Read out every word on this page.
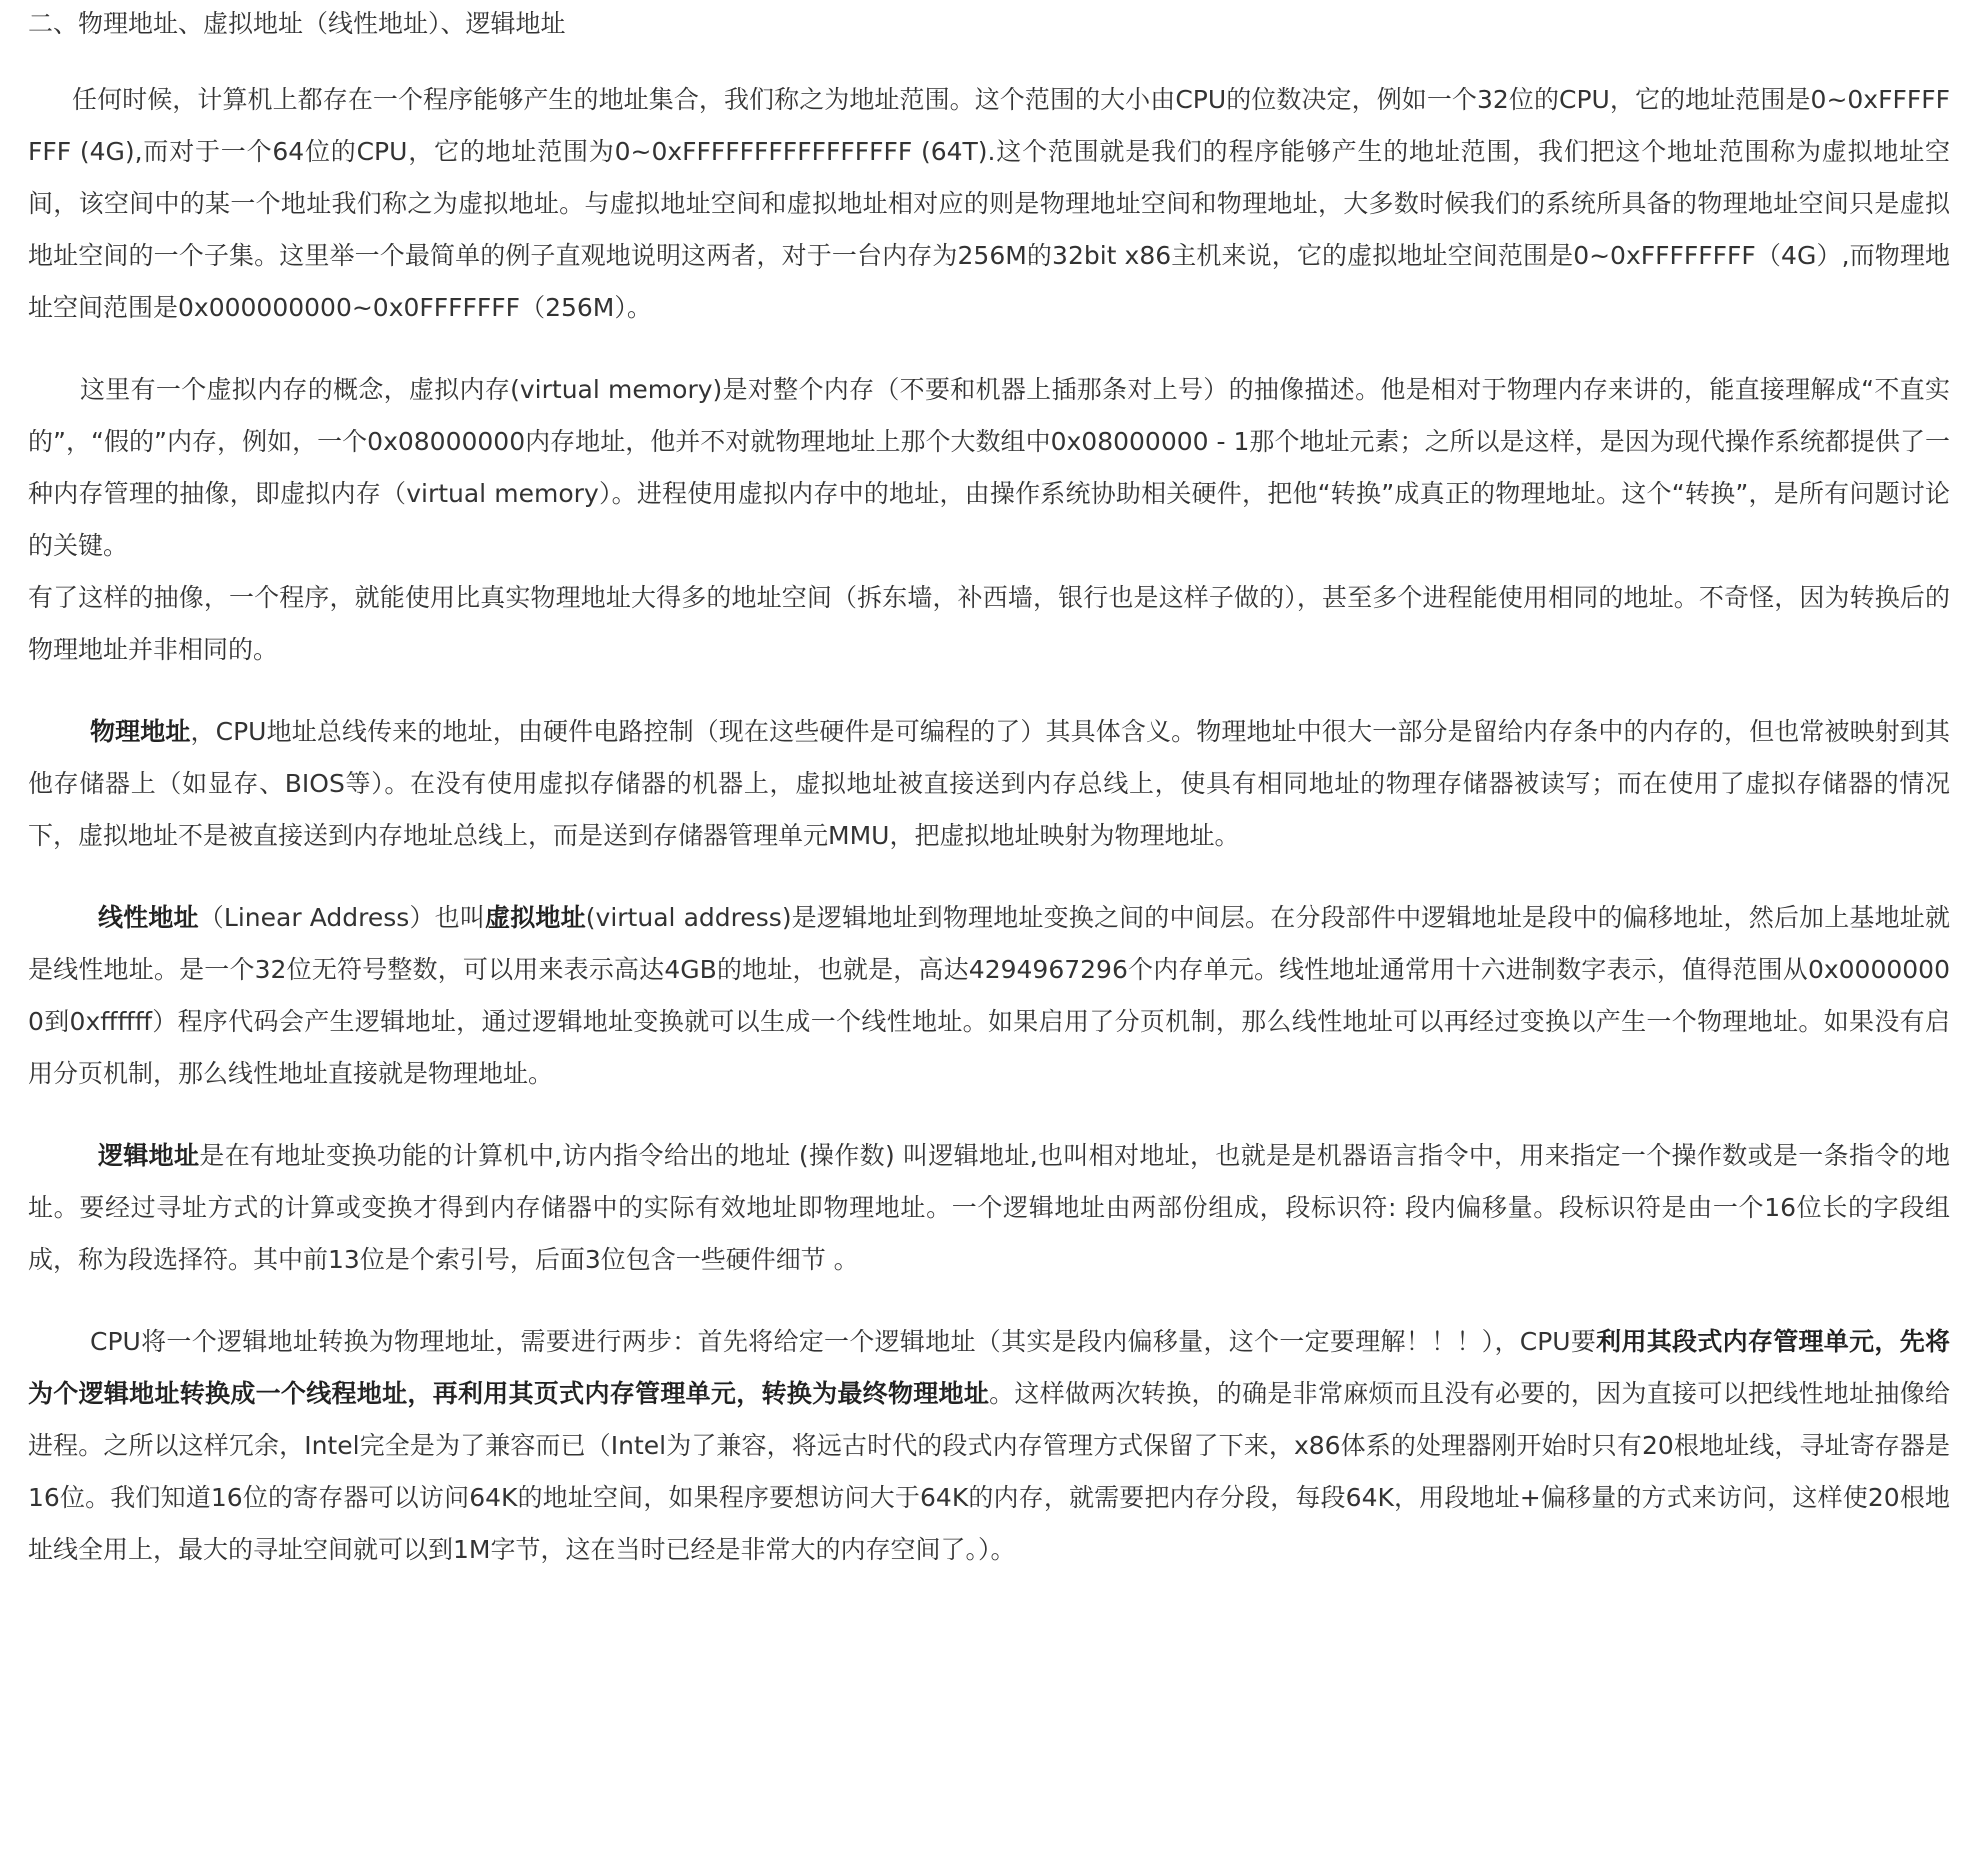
二、物理地址、虚拟地址（线性地址）、逻辑地址

任何时候，计算机上都存在一个程序能够产生的地址集合，我们称之为地址范围。这个范围的大小由CPU的位数决定，例如一个32位的CPU，它的地址范围是0~0xFFFFFFFF (4G),而对于一个64位的CPU，它的地址范围为0~0xFFFFFFFFFFFFFFFF (64T).这个范围就是我们的程序能够产生的地址范围，我们把这个地址范围称为虚拟地址空间，该空间中的某一个地址我们称之为虚拟地址。与虚拟地址空间和虚拟地址相对应的则是物理地址空间和物理地址，大多数时候我们的系统所具备的物理地址空间只是虚拟地址空间的一个子集。这里举一个最简单的例子直观地说明这两者，对于一台内存为256M的32bit x86主机来说，它的虚拟地址空间范围是0~0xFFFFFFFF（4G）,而物理地址空间范围是0x000000000~0x0FFFFFFF（256M）。

这里有一个虚拟内存的概念，虚拟内存(virtual memory)是对整个内存（不要和机器上插那条对上号）的抽像描述。他是相对于物理内存来讲的，能直接理解成“不直实的”，“假的”内存，例如，一个0x08000000内存地址，他并不对就物理地址上那个大数组中0x08000000 - 1那个地址元素；之所以是这样，是因为现代操作系统都提供了一种内存管理的抽像，即虚拟内存（virtual memory）。进程使用虚拟内存中的地址，由操作系统协助相关硬件，把他“转换”成真正的物理地址。这个“转换”，是所有问题讨论的关键。

有了这样的抽像，一个程序，就能使用比真实物理地址大得多的地址空间（拆东墙，补西墙，银行也是这样子做的），甚至多个进程能使用相同的地址。不奇怪，因为转换后的物理地址并非相同的。

物理地址，CPU地址总线传来的地址，由硬件电路控制（现在这些硬件是可编程的了）其具体含义。物理地址中很大一部分是留给内存条中的内存的，但也常被映射到其他存储器上（如显存、BIOS等）。在没有使用虚拟存储器的机器上，虚拟地址被直接送到内存总线上，使具有相同地址的物理存储器被读写；而在使用了虚拟存储器的情况下，虚拟地址不是被直接送到内存地址总线上，而是送到存储器管理单元MMU，把虚拟地址映射为物理地址。

线性地址（Linear Address）也叫虚拟地址(virtual address)是逻辑地址到物理地址变换之间的中间层。在分段部件中逻辑地址是段中的偏移地址，然后加上基地址就是线性地址。是一个32位无符号整数，可以用来表示高达4GB的地址，也就是，高达4294967296个内存单元。线性地址通常用十六进制数字表示，值得范围从0x00000000到0xffffff）程序代码会产生逻辑地址，通过逻辑地址变换就可以生成一个线性地址。如果启用了分页机制，那么线性地址可以再经过变换以产生一个物理地址。如果没有启用分页机制，那么线性地址直接就是物理地址。

逻辑地址是在有地址变换功能的计算机中,访内指令给出的地址 (操作数) 叫逻辑地址,也叫相对地址，也就是是机器语言指令中，用来指定一个操作数或是一条指令的地址。要经过寻址方式的计算或变换才得到内存储器中的实际有效地址即物理地址。一个逻辑地址由两部份组成，段标识符: 段内偏移量。段标识符是由一个16位长的字段组成，称为段选择符。其中前13位是个索引号，后面3位包含一些硬件细节 。

CPU将一个逻辑地址转换为物理地址，需要进行两步：首先将给定一个逻辑地址（其实是段内偏移量，这个一定要理解！！！），CPU要利用其段式内存管理单元，先将为个逻辑地址转换成一个线程地址，再利用其页式内存管理单元，转换为最终物理地址。这样做两次转换，的确是非常麻烦而且没有必要的，因为直接可以把线性地址抽像给进程。之所以这样冗余，Intel完全是为了兼容而已（Intel为了兼容，将远古时代的段式内存管理方式保留了下来，x86体系的处理器刚开始时只有20根地址线，寻址寄存器是16位。我们知道16位的寄存器可以访问64K的地址空间，如果程序要想访问大于64K的内存，就需要把内存分段，每段64K，用段地址+偏移量的方式来访问，这样使20根地址线全用上，最大的寻址空间就可以到1M字节，这在当时已经是非常大的内存空间了。）。
